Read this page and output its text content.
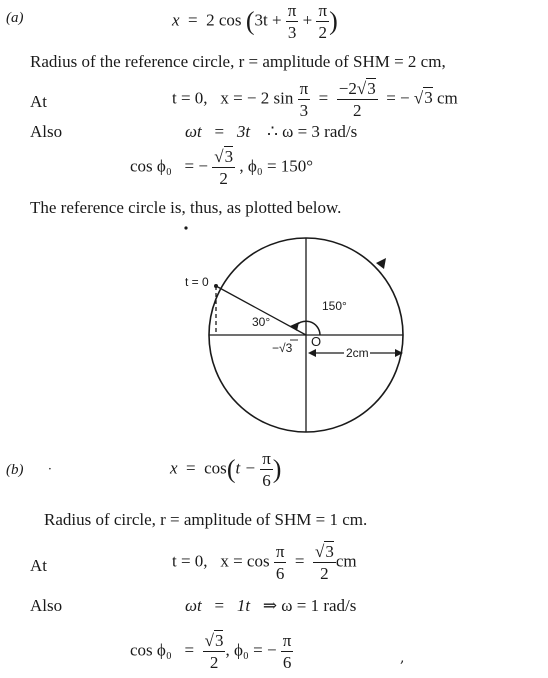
(a)	x = 2 $\cos (3t + \frac{\pi}{3} + \frac{\pi}{2}$ )
Radius of the reference circle, r = amplitude of SHM = 2 cm,
At	t = 0, x = − 2 $\sin \frac{\pi}{3} = \frac{-2√3}{2}$ = − √3 cm
Also	ωt = 3t ∴ ω = 3 rad/s
cos ϕ₀ = − $\frac{√3}{2}$ , ϕ₀ = 150°
The reference circle is, thus, as plotted below.
t = 0
30°
150°
O
−√3	2cm
(b) ·	$x = \cos(t - \frac{\pi}{6}$ )
Radius of circle, r = amplitude of SHM = 1 cm.
At	t = 0, $x = \cos \frac{\pi}{6} = \frac{√3}{2}$ cm
Also	ωt = 1t ⇒ ω = 1 rad/s
$\cos \phi_0 = \frac{√3}{2}$ , ϕ₀ = − $\frac{\pi}{6}$	,
